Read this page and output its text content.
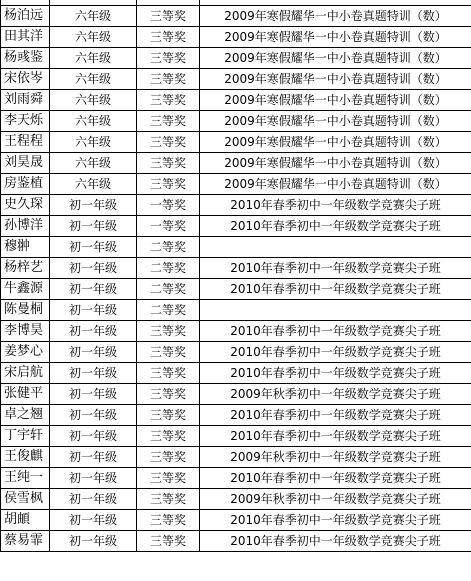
杨泊远	六年级	三等奖	2009年寒假耀华一中小卷真题特训（数）
田其洋	六年级	三等奖	2009年寒假耀华一中小卷真题特训（数）
杨彧鉴	六年级	三等奖	2009年寒假耀华一中小卷真题特训（数）
宋依岑	六年级	三等奖	2009年寒假耀华一中小卷真题特训（数）
刘雨舜	六年级	三等奖	2009年寒假耀华一中小卷真题特训（数）
李天烁	六年级	三等奖	2009年寒假耀华一中小卷真题特训（数）
王程程	六年级	三等奖	2009年寒假耀华一中小卷真题特训（数）
刘昊晟	六年级	三等奖	2009年寒假耀华一中小卷真题特训（数）
房鉴植	六年级	三等奖	2009年寒假耀华一中小卷真题特训（数）
史久琛	初一年级	一等奖	2010年春季初中一年级数学竞赛尖子班
孙博洋	初一年级	一等奖	2010年春季初中一年级数学竞赛尖子班
穆翀	初一年级	二等奖	
杨梓艺	初一年级	二等奖	2010年春季初中一年级数学竞赛尖子班
牛鑫源	初一年级	二等奖	2010年春季初中一年级数学竞赛尖子班
陈曼桐	初一年级	二等奖	
李博昊	初一年级	三等奖	2010年春季初中一年级数学竞赛尖子班
姜梦心	初一年级	三等奖	2010年春季初中一年级数学竞赛尖子班
宋启航	初一年级	三等奖	2010年春季初中一年级数学竞赛尖子班
张健平	初一年级	三等奖	2009年秋季初中一年级数学竞赛尖子班
卓之翘	初一年级	三等奖	2010年春季初中一年级数学竞赛尖子班
丁宇轩	初一年级	三等奖	2010年春季初中一年级数学竞赛尖子班
王俊麒	初一年级	三等奖	2009年秋季初中一年级数学竞赛尖子班
王纯一	初一年级	三等奖	2010年春季初中一年级数学竞赛尖子班
侯雪枫	初一年级	三等奖	2009年秋季初中一年级数学竞赛尖子班
胡頔	初一年级	三等奖	2010年春季初中一年级数学竞赛尖子班
蔡易霏	初一年级	三等奖	2010年春季初中一年级数学竞赛尖子班
